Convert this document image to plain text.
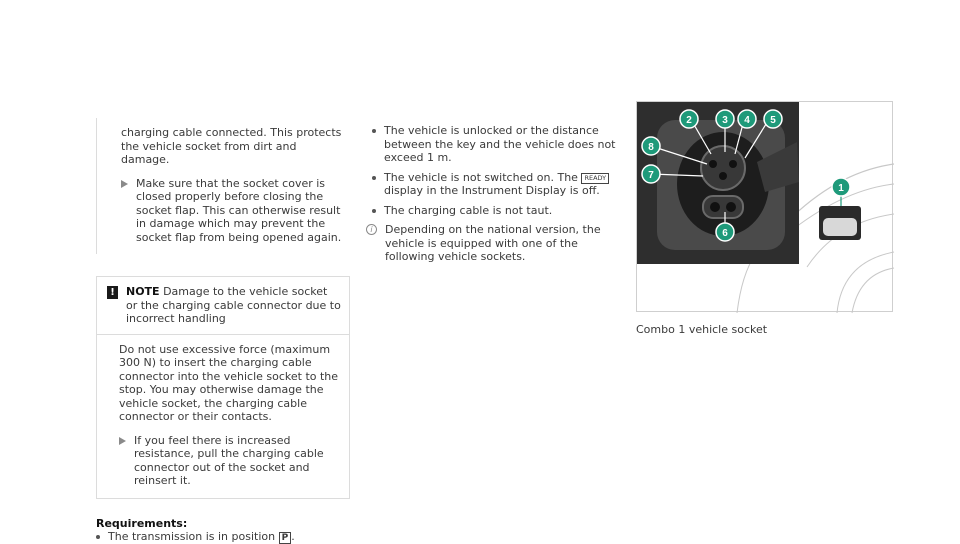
charging cable connected. This protects the vehicle socket from dirt and damage.

Make sure that the socket cover is closed properly before closing the socket flap. This can otherwise result in damage which may prevent the socket flap from being opened again.
! NOTE Damage to the vehicle socket or the charging cable connector due to incorrect handling

Do not use excessive force (maximum 300 N) to insert the charging cable connector into the vehicle socket to the stop. You may otherwise damage the vehicle socket, the charging cable connector or their contacts.

If you feel there is increased resistance, pull the charging cable connector out of the socket and reinsert it.
Requirements:
The transmission is in position P .
The vehicle is unlocked or the distance between the key and the vehicle does not exceed 1 m.
The vehicle is not switched on. The READY display in the Instrument Display is off.
The charging cable is not taut.
i	Depending on the national version, the vehicle is equipped with one of the following vehicle sockets.
1
2	3 4 5
6
7
8
Combo 1 vehicle socket
